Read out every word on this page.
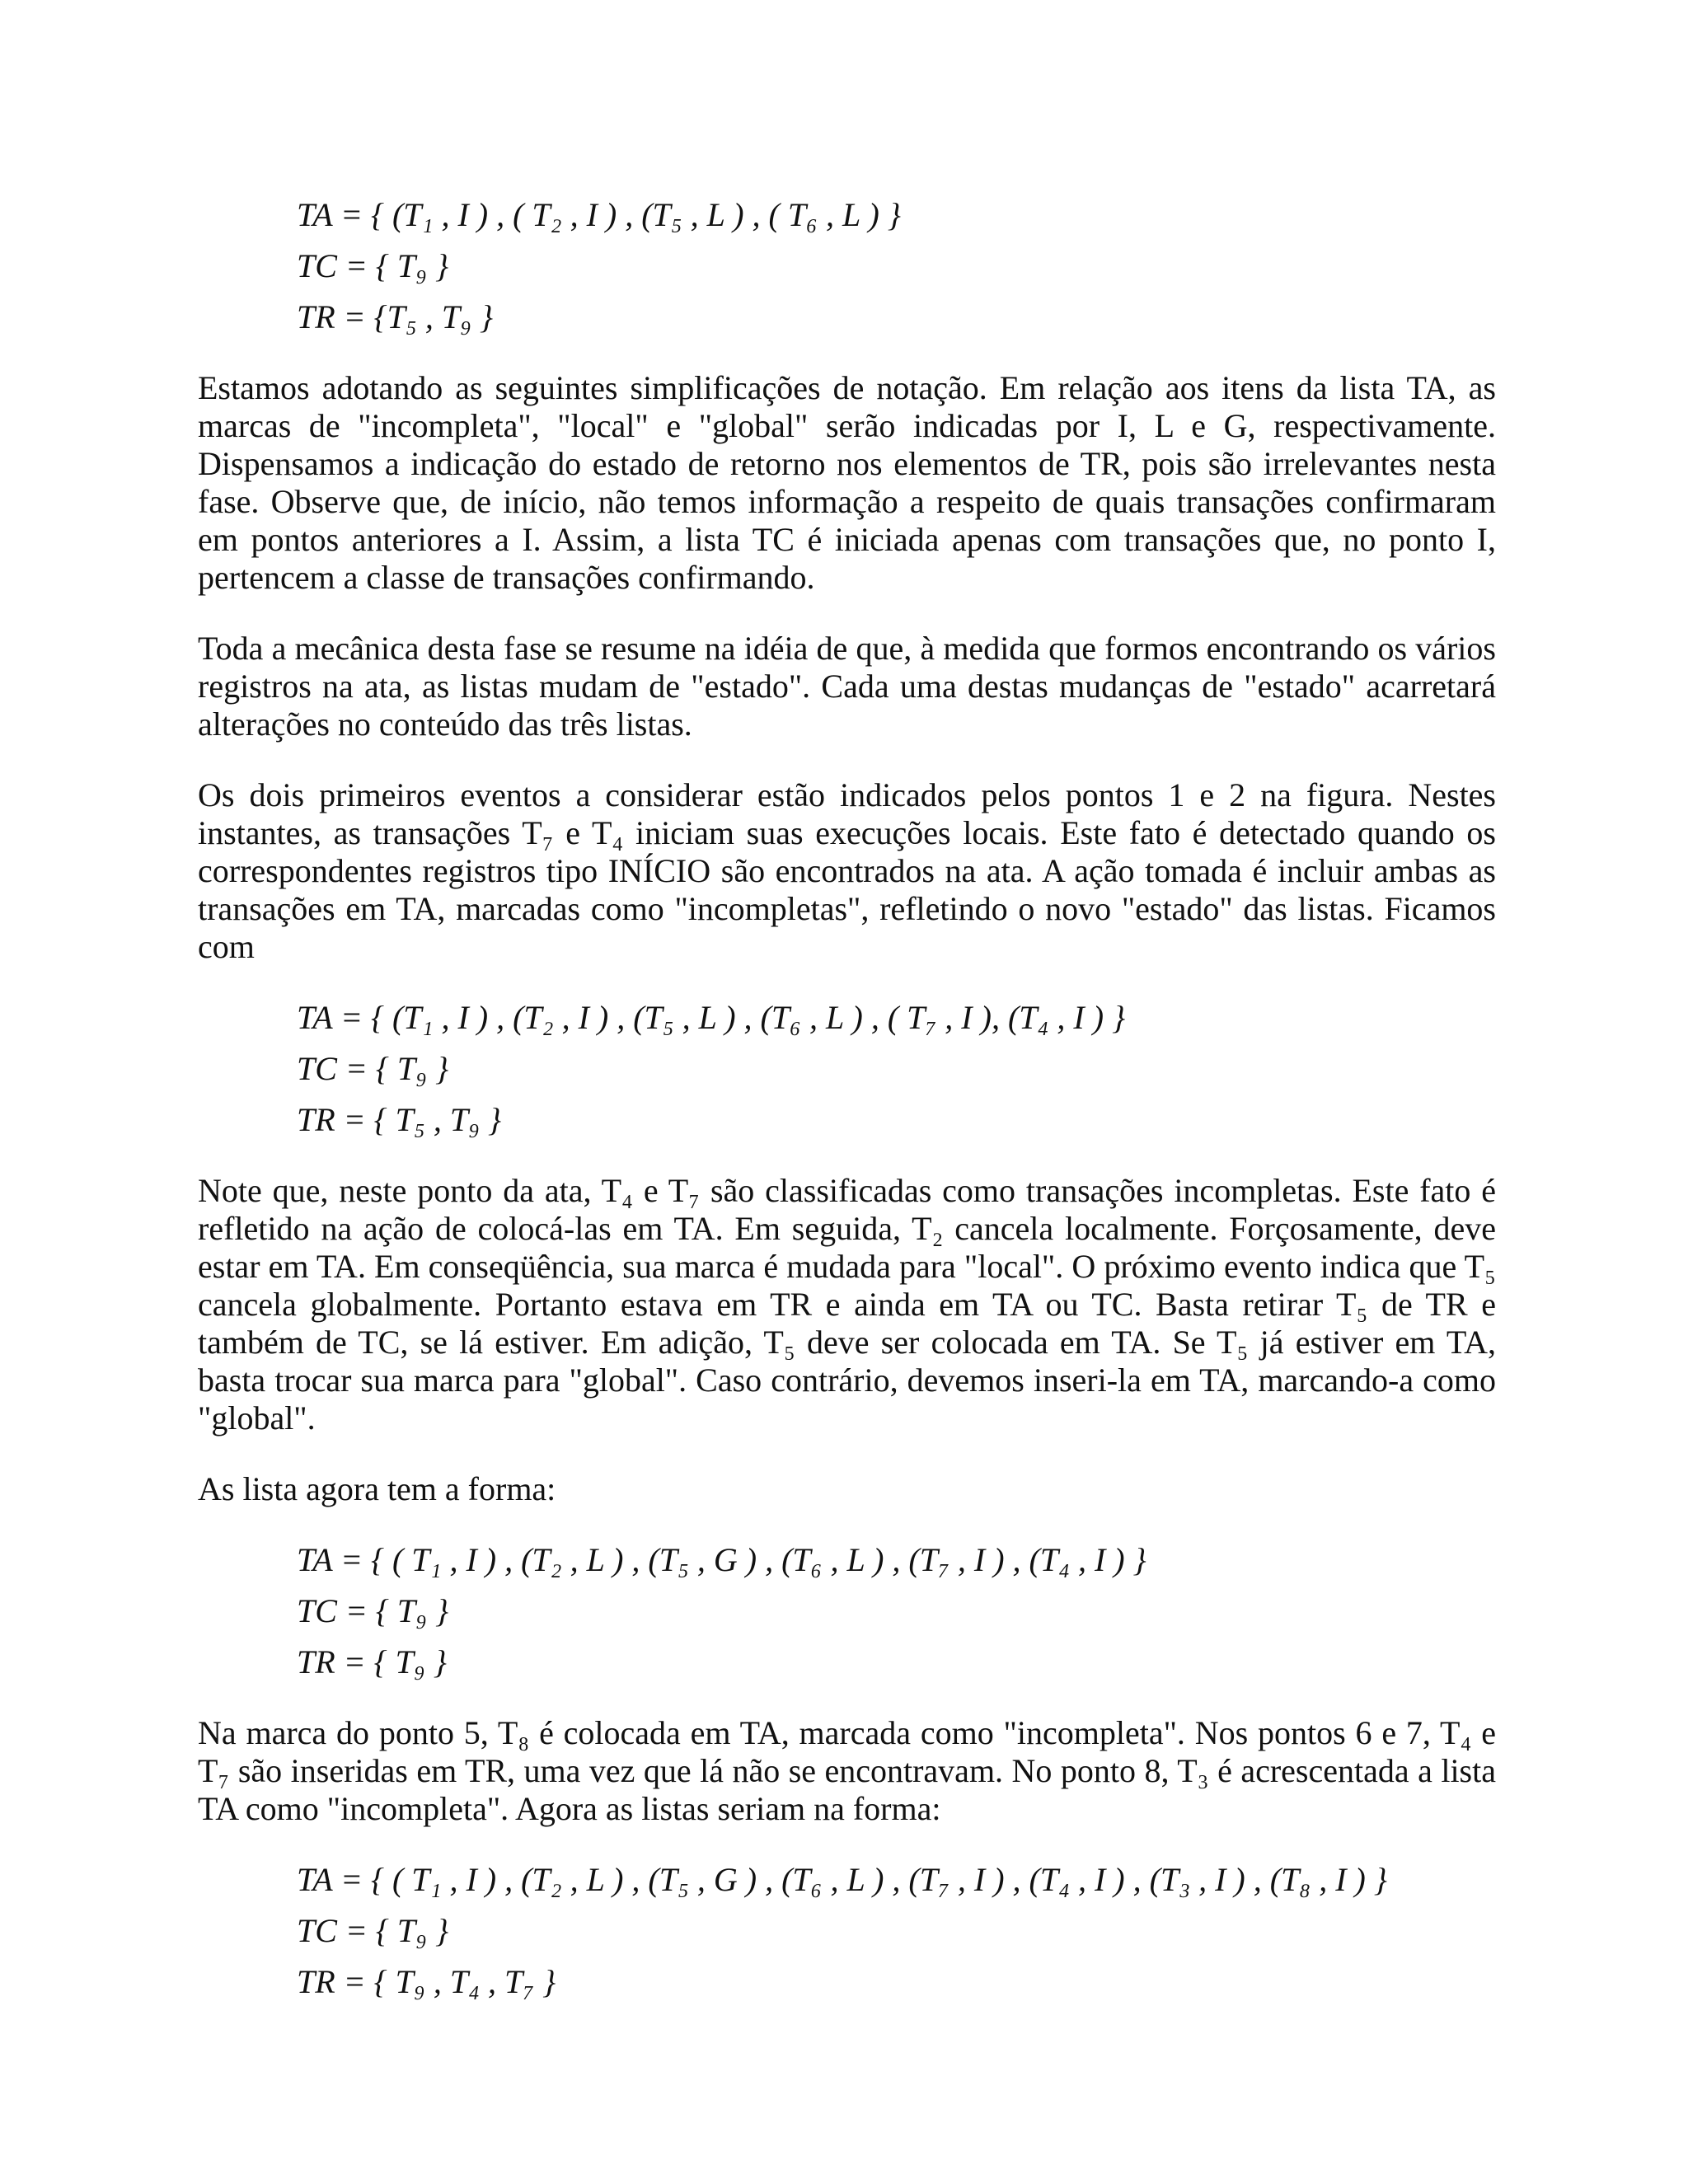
TA = { (T₁ , I ) , ( T₂ , I ) , (T₅ , L ) , ( T₆ , L ) }
TC = { T₉ }
TR = {T₅ , T₉ }

Estamos adotando as seguintes simplificações de notação. Em relação aos itens da lista TA, as marcas de "incompleta", "local" e "global" serão indicadas por I, L e G, respectivamente. Dispensamos a indicação do estado de retorno nos elementos de TR, pois são irrelevantes nesta fase. Observe que, de início, não temos informação a respeito de quais transações confirmaram em pontos anteriores a I. Assim, a lista TC é iniciada apenas com transações que, no ponto I, pertencem a classe de transações confirmando.

Toda a mecânica desta fase se resume na idéia de que, à medida que formos encontrando os vários registros na ata, as listas mudam de "estado". Cada uma destas mudanças de "estado" acarretará alterações no conteúdo das três listas.

Os dois primeiros eventos a considerar estão indicados pelos pontos 1 e 2 na figura. Nestes instantes, as transações T₇ e T₄ iniciam suas execuções locais. Este fato é detectado quando os correspondentes registros tipo INÍCIO são encontrados na ata. A ação tomada é incluir ambas as transações em TA, marcadas como "incompletas", refletindo o novo "estado" das listas. Ficamos com

TA = { (T₁ , I ) , (T₂ , I ) , (T₅ , L ) , (T₆ , L ) , ( T₇ , I ), (T₄ , I ) }
TC = { T₉ }
TR = { T₅ , T₉ }

Note que, neste ponto da ata, T₄ e T₇ são classificadas como transações incompletas. Este fato é refletido na ação de colocá-las em TA. Em seguida, T₂ cancela localmente. Forçosamente, deve estar em TA. Em conseqüência, sua marca é mudada para "local". O próximo evento indica que T₅ cancela globalmente. Portanto estava em TR e ainda em TA ou TC. Basta retirar T₅ de TR e também de TC, se lá estiver. Em adição, T₅ deve ser colocada em TA. Se T₅ já estiver em TA, basta trocar sua marca para "global". Caso contrário, devemos inseri-la em TA, marcando-a como "global".

As lista agora tem a forma:

TA = { ( T₁ , I ) , (T₂ , L ) , (T₅ , G ) , (T₆ , L ) , (T₇ , I ) , (T₄ , I ) }
TC = { T₉ }
TR = { T₉ }

Na marca do ponto 5, T₈ é colocada em TA, marcada como "incompleta". Nos pontos 6 e 7, T₄ e T₇ são inseridas em TR, uma vez que lá não se encontravam. No ponto 8, T₃ é acrescentada a lista TA como "incompleta". Agora as listas seriam na forma:

TA = { ( T₁ , I ) , (T₂ , L ) , (T₅ , G ) , (T₆ , L ) , (T₇ , I ) , (T₄ , I ) , (T₃ , I ) , (T₈ , I ) }
TC = { T₉ }
TR = { T₉ , T₄ , T₇ }
